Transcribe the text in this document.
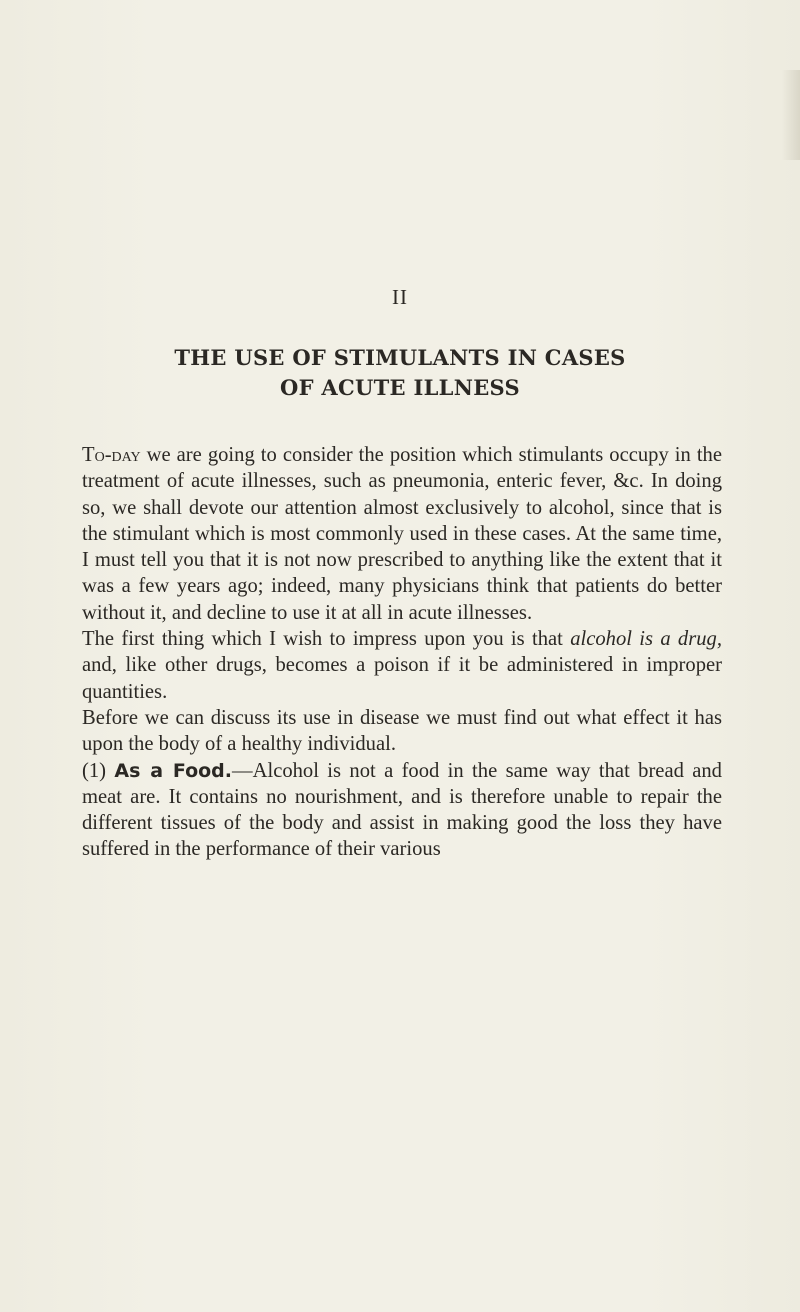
II
THE USE OF STIMULANTS IN CASES
OF ACUTE ILLNESS

To-day we are going to consider the position which stimulants occupy in the treatment of acute illnesses, such as pneumonia, enteric fever, &c. In doing so, we shall devote our attention almost exclusively to alcohol, since that is the stimulant which is most commonly used in these cases. At the same time, I must tell you that it is not now prescribed to anything like the extent that it was a few years ago; indeed, many physicians think that patients do better without it, and decline to use it at all in acute illnesses.

The first thing which I wish to impress upon you is that alcohol is a drug, and, like other drugs, becomes a poison if it be administered in improper quantities.

Before we can discuss its use in disease we must find out what effect it has upon the body of a healthy individual.

(1) As a Food.—Alcohol is not a food in the same way that bread and meat are. It contains no nourishment, and is therefore unable to repair the different tissues of the body and assist in making good the loss they have suffered in the performance of their various
